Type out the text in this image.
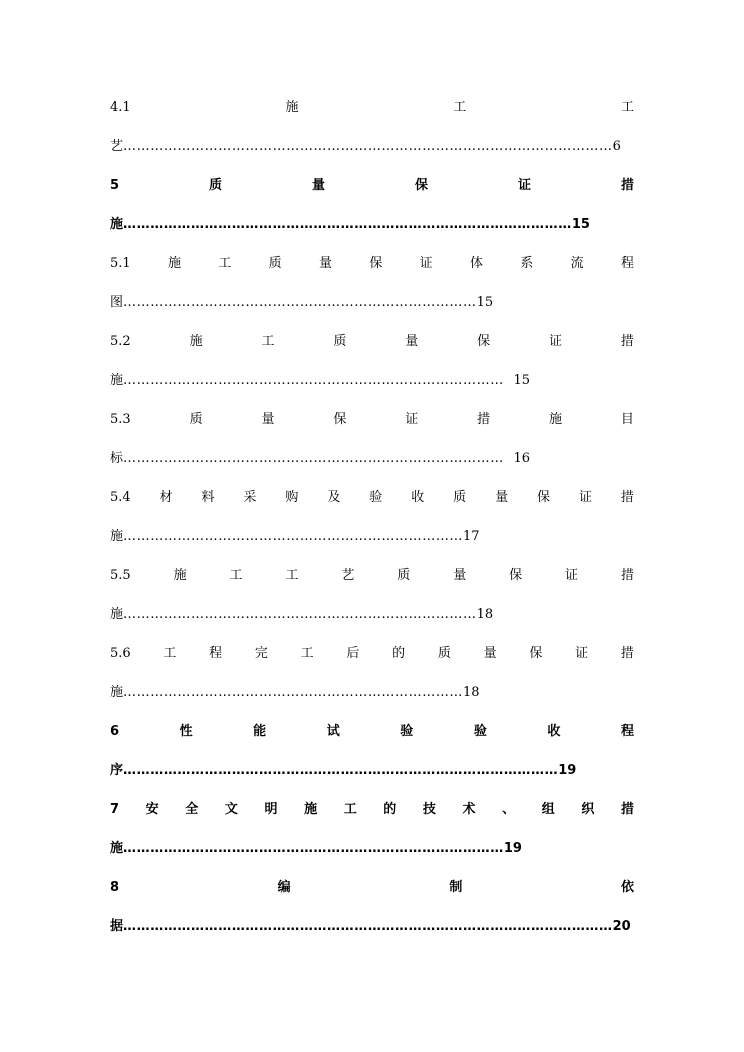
4.1	施	工	工
艺 ……………………………………………………………………………………………… 6
5	质	量	保	证	措
施 ……………………………………………………………………………………… 15
5.1	施	工	质	量	保	证	体	系	流	程
图 …………………………………………………………………… 15
5.2	施	工	质	量	保	证	措
施 ………………………………………………………………………… 15
5.3	质	量	保	证	措	施	目
标 ………………………………………………………………………… 16
5.4 材 料 采 购 及 验 收 质 量 保 证 措
施 ………………………………………………………………… 17
5.5	施	工	工	艺	质	量	保	证	措
施 …………………………………………………………………… 18
5.6	工	程	完	工	后	的	质	量	保	证	措
施 ………………………………………………………………… 18
6	性	能	试	验	验	收	程
序 …………………………………………………………………………………… 19
7 安 全 文 明 施 工 的 技 术 、 组 织 措
施 ………………………………………………………………………… 19
8	编	制	依
据 ……………………………………………………………………………………………… 20
